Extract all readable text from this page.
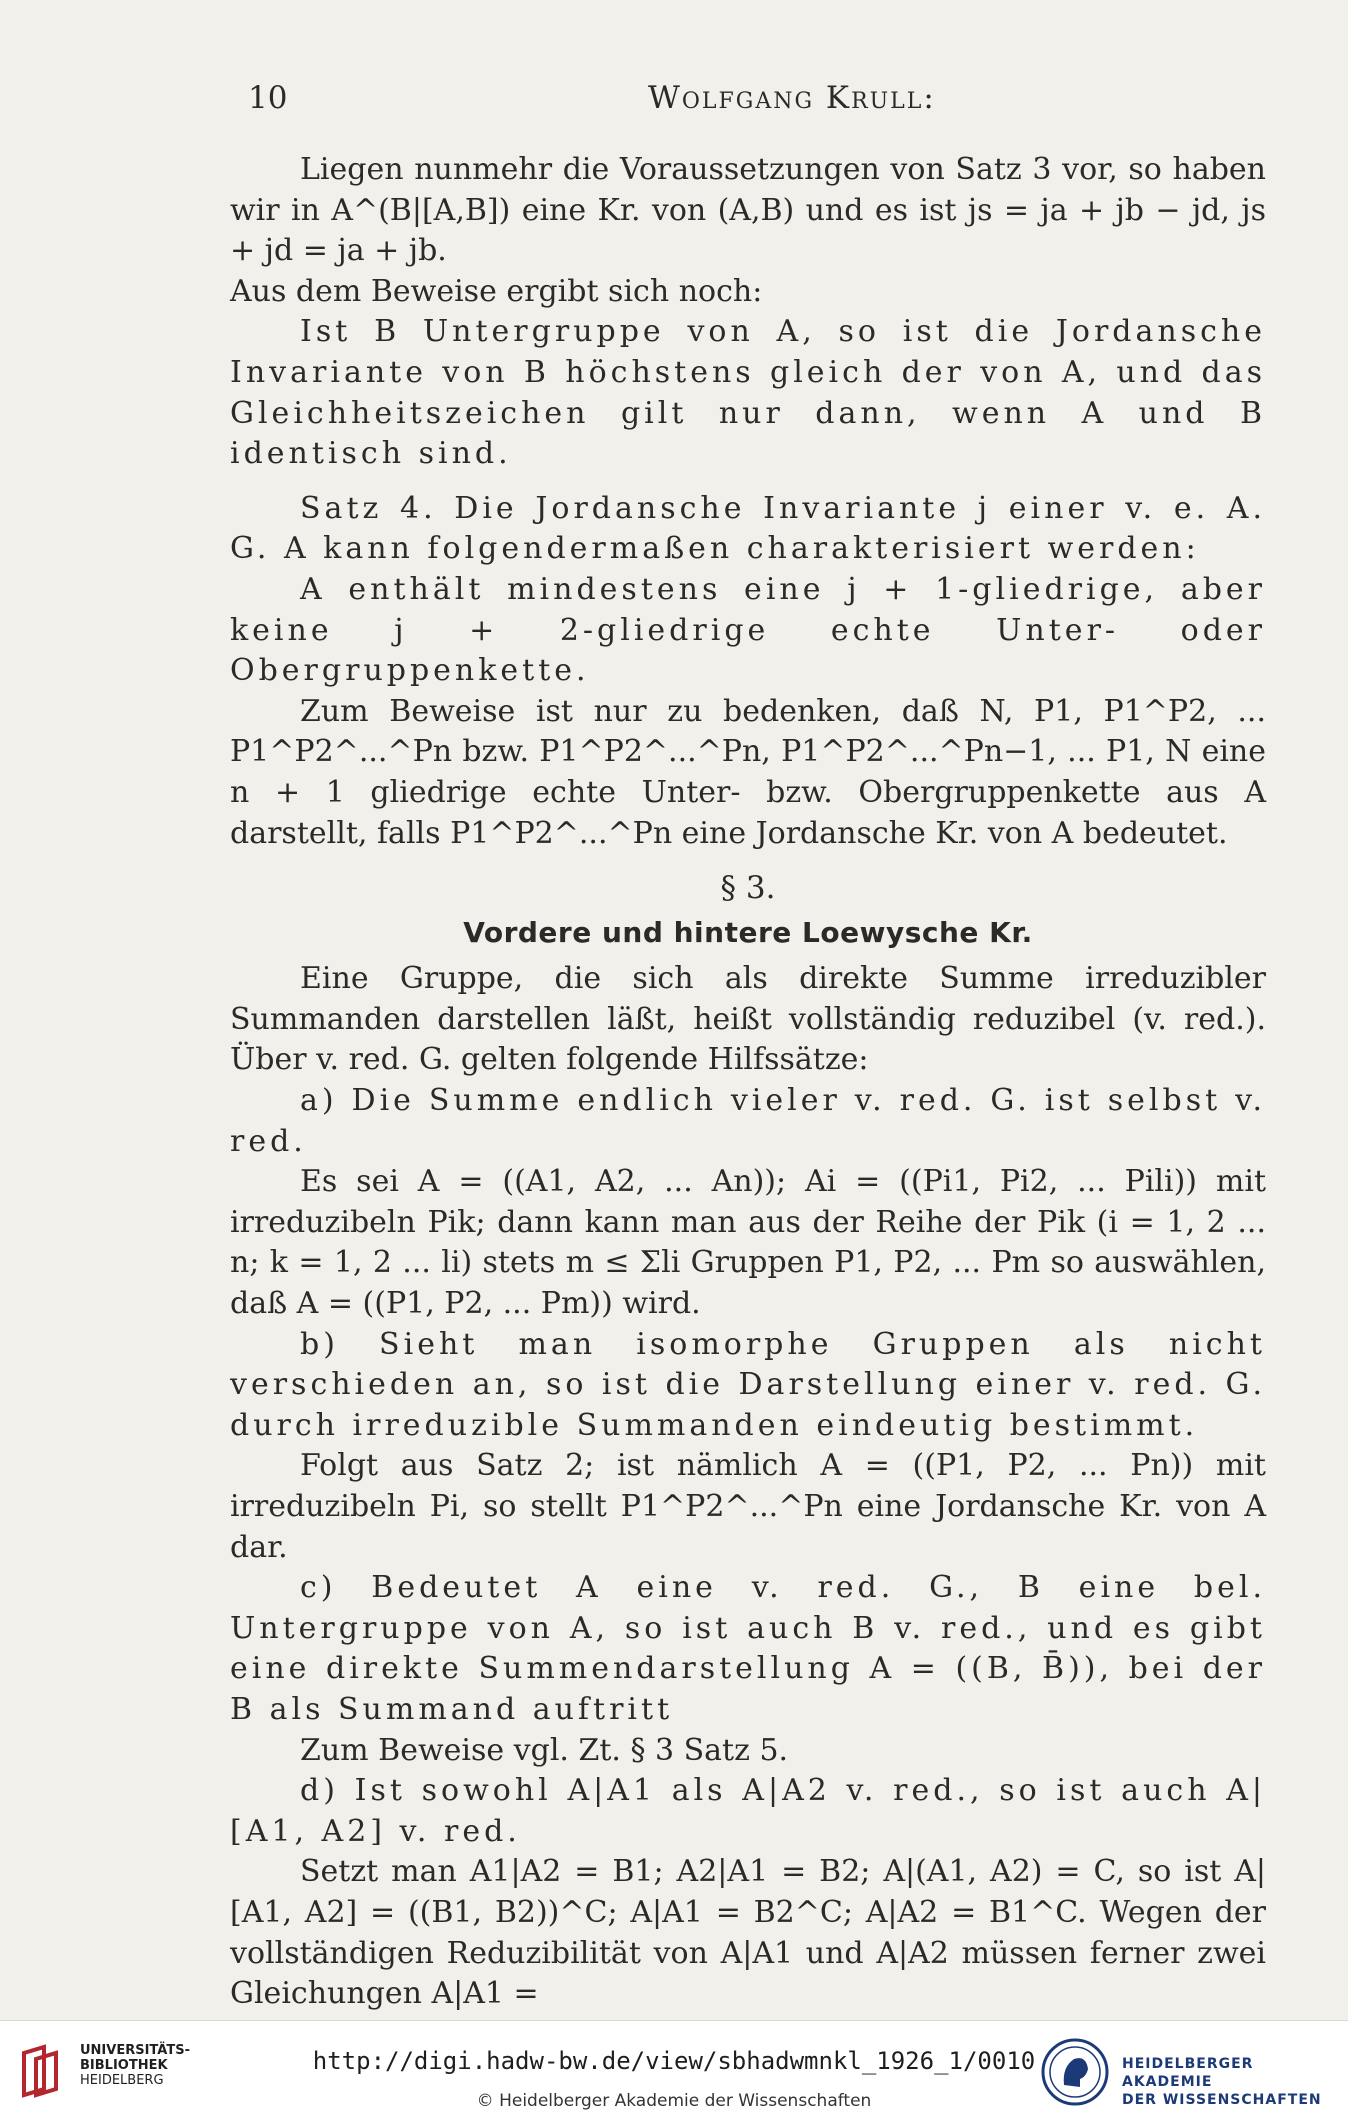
10	Wolfgang Krull:

Liegen nunmehr die Voraussetzungen von Satz 3 vor, so haben wir in A^(B|[A,B]) eine Kr. von (A,B) und es ist js = ja + jb − jd, js + jd = ja + jb.

Aus dem Beweise ergibt sich noch:

Ist B Untergruppe von A, so ist die Jordansche Invariante von B höchstens gleich der von A, und das Gleichheitszeichen gilt nur dann, wenn A und B identisch sind.

Satz 4. Die Jordansche Invariante j einer v. e. A. G. A kann folgendermaßen charakterisiert werden:

A enthält mindestens eine j + 1-gliedrige, aber keine j + 2-gliedrige echte Unter- oder Obergruppenkette.

Zum Beweise ist nur zu bedenken, daß N, P1, P1^P2, ... P1^P2^...^Pn bzw. P1^P2^...^Pn, P1^P2^...^Pn−1, ... P1, N eine n + 1 gliedrige echte Unter- bzw. Obergruppenkette aus A darstellt, falls P1^P2^...^Pn eine Jordansche Kr. von A bedeutet.

§ 3.

Vordere und hintere Loewysche Kr.

Eine Gruppe, die sich als direkte Summe irreduzibler Summanden darstellen läßt, heißt vollständig reduzibel (v. red.). Über v. red. G. gelten folgende Hilfssätze:

a) Die Summe endlich vieler v. red. G. ist selbst v. red.

Es sei A = ((A1, A2, ... An)); Ai = ((Pi1, Pi2, ... Pili)) mit irreduzibeln Pik; dann kann man aus der Reihe der Pik (i = 1, 2 ... n; k = 1, 2 ... li) stets m ≤ Σli Gruppen P1, P2, ... Pm so auswählen, daß A = ((P1, P2, ... Pm)) wird.

b) Sieht man isomorphe Gruppen als nicht verschieden an, so ist die Darstellung einer v. red. G. durch irreduzible Summanden eindeutig bestimmt.

Folgt aus Satz 2; ist nämlich A = ((P1, P2, ... Pn)) mit irreduzibeln Pi, so stellt P1^P2^...^Pn eine Jordansche Kr. von A dar.

c) Bedeutet A eine v. red. G., B eine bel. Untergruppe von A, so ist auch B v. red., und es gibt eine direkte Summendarstellung A = ((B, B̄)), bei der B als Summand auftritt

Zum Beweise vgl. Zt. § 3 Satz 5.

d) Ist sowohl A|A1 als A|A2 v. red., so ist auch A|[A1, A2] v. red.

Setzt man A1|A2 = B1; A2|A1 = B2; A|(A1, A2) = C, so ist A|[A1, A2] = ((B1, B2))^C; A|A1 = B2^C; A|A2 = B1^C. Wegen der vollständigen Reduzibilität von A|A1 und A|A2 müssen ferner zwei Gleichungen A|A1 =

UNIVERSITÄTS-
BIBLIOTHEK
HEIDELBERG
http://digi.hadw-bw.de/view/sbhadwmnkl_1926_1/0010
© Heidelberger Akademie der Wissenschaften
HEIDELBERGER AKADEMIE
DER WISSENSCHAFTEN
